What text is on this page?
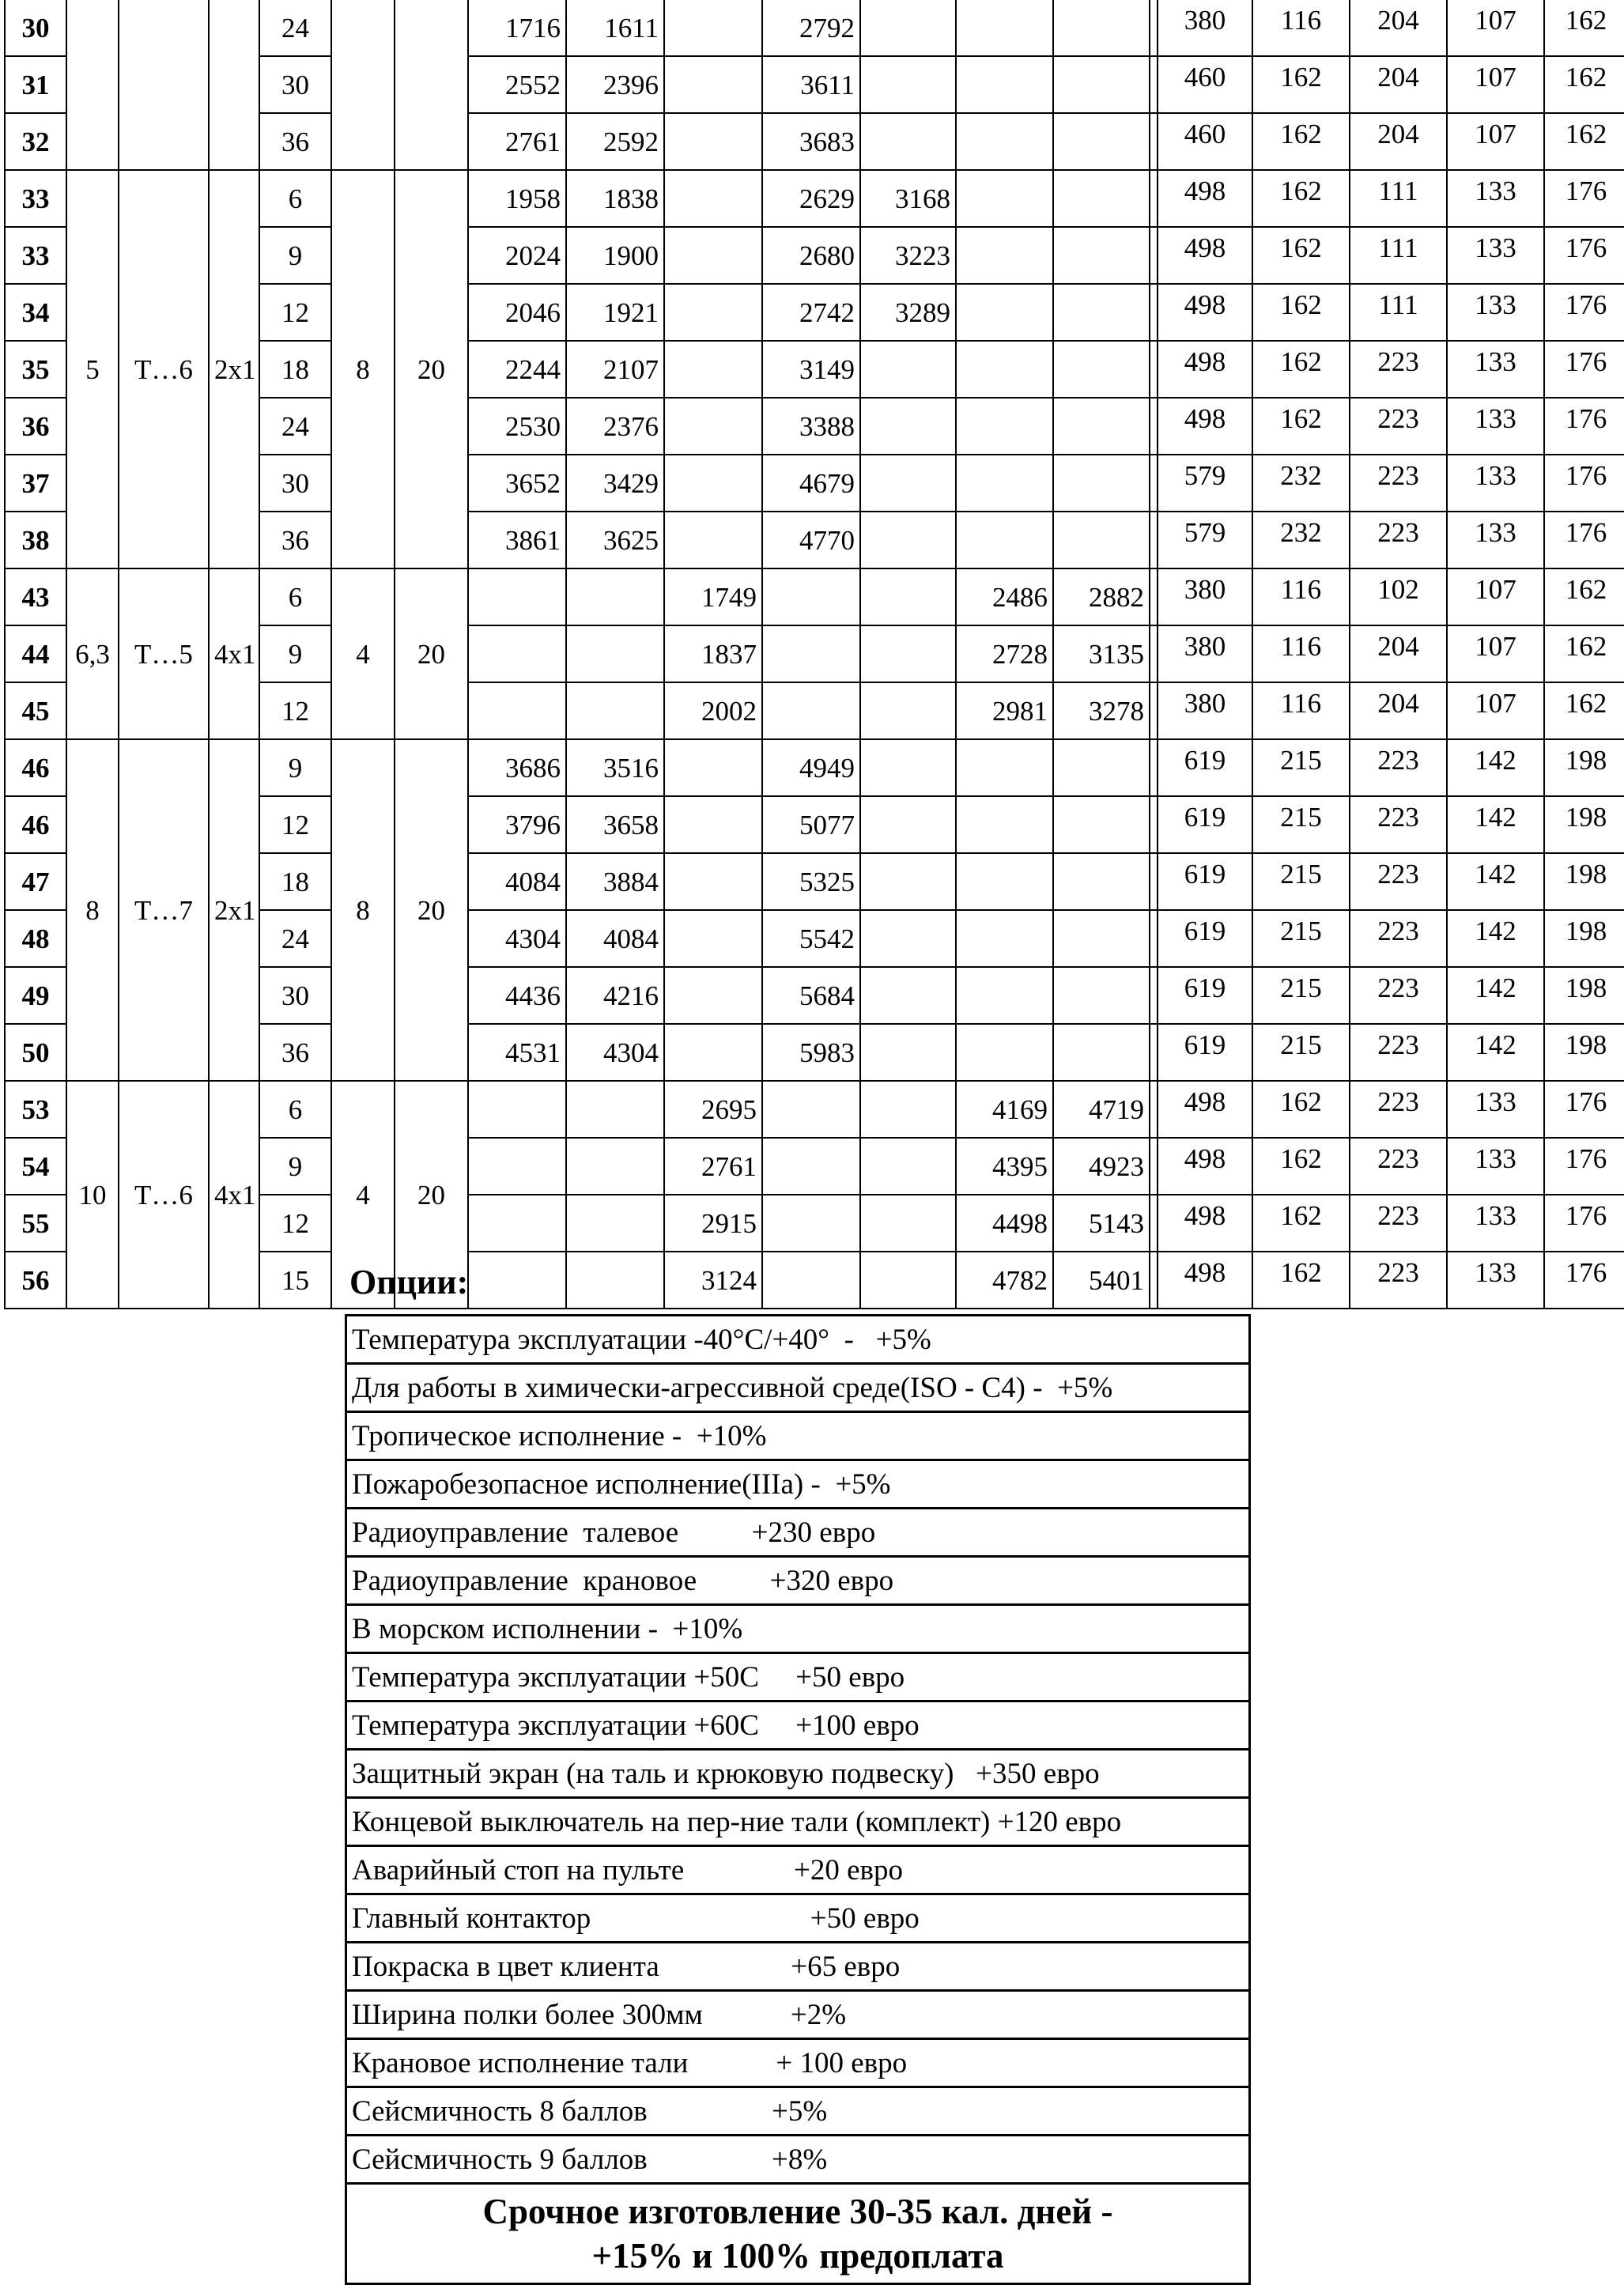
30				24			1716	1611		2792					380	116	204	107	162
31				30			2552	2396		3611					460	162	204	107	162
32				36			2761	2592		3683					460	162	204	107	162
33	5	Т…6	2х1	6	8	20	1958	1838		2629	3168				498	162	111	133	176
33				9			2024	1900		2680	3223				498	162	111	133	176
34				12			2046	1921		2742	3289				498	162	111	133	176
35				18			2244	2107		3149					498	162	223	133	176
36				24			2530	2376		3388					498	162	223	133	176
37				30			3652	3429		4679					579	232	223	133	176
38				36			3861	3625		4770					579	232	223	133	176
43	6,3	Т…5	4х1	6	4	20			1749			2486	2882		380	116	102	107	162
44				9					1837			2728	3135		380	116	204	107	162
45				12					2002			2981	3278		380	116	204	107	162
46	8	Т…7	2х1	9	8	20	3686	3516		4949					619	215	223	142	198
46				12			3796	3658		5077					619	215	223	142	198
47				18			4084	3884		5325					619	215	223	142	198
48				24			4304	4084		5542					619	215	223	142	198
49				30			4436	4216		5684					619	215	223	142	198
50				36			4531	4304		5983					619	215	223	142	198
53	10	Т…6	4х1	6	4	20			2695			4169	4719		498	162	223	133	176
54				9					2761			4395	4923		498	162	223	133	176
55				12					2915			4498	5143		498	162	223	133	176
56				15					3124			4782	5401		498	162	223	133	176
Опции:
Температура эксплуатации -40°С/+40°  -   +5%
Для работы в химически-агрессивной среде(ISO - С4) -  +5%
Тропическое исполнение -  +10%
Пожаробезопасное исполнение(IIIа) -  +5%
Радиоуправление  талевое          +230 евро
Радиоуправление  крановое          +320 евро
В морском исполнении -  +10%
Температура эксплуатации +50С     +50 евро
Температура эксплуатации +60С     +100 евро
Защитный экран (на таль и крюковую подвеску)   +350 евро
Концевой выключатель на пер-ние тали (комплект) +120 евро
Аварийный стоп на пульте               +20 евро
Главный контактор                              +50 евро
Покраска в цвет клиента                  +65 евро
Ширина полки более 300мм            +2%
Крановое исполнение тали            + 100 евро
Сейсмичность 8 баллов                 +5%
Сейсмичность 9 баллов                 +8%

Срочное изготовление 30-35 кал. дней -
+15% и 100% предоплата
